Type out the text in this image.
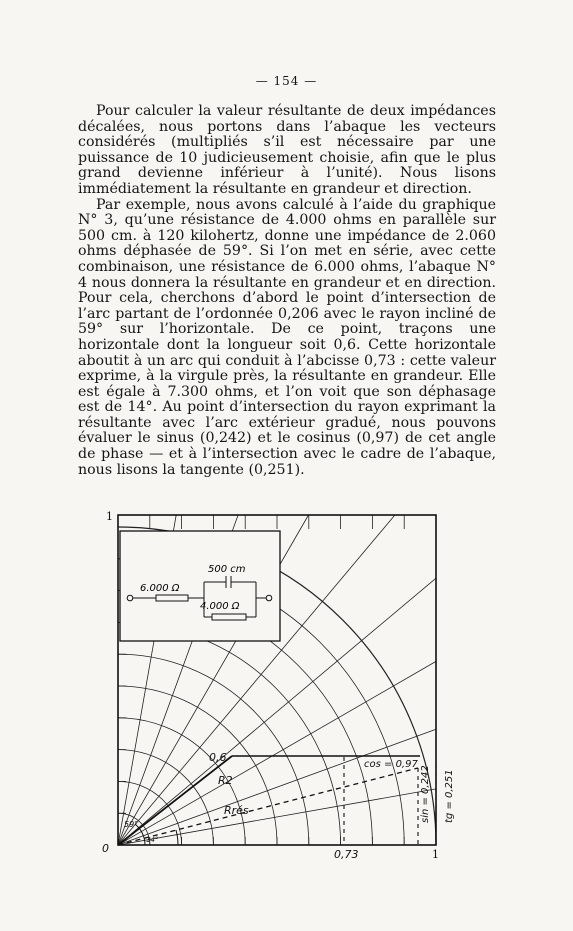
— 154 —

Pour calculer la valeur résultante de deux impédances décalées, nous portons dans l’abaque les vecteurs considérés (multipliés s’il est nécessaire par une puissance de 10 judicieusement choisie, afin que le plus grand devienne inférieur à l’unité). Nous lisons immédiatement la résultante en grandeur et direction.

Par exemple, nous avons calculé à l’aide du graphique N° 3, qu’une résistance de 4.000 ohms en parallèle sur 500 cm. à 120 kilohertz, donne une impédance de 2.060 ohms déphasée de 59°. Si l’on met en série, avec cette combinaison, une résistance de 6.000 ohms, l’abaque N° 4 nous donnera la résultante en grandeur et en direction. Pour cela, cherchons d’abord le point d’intersection de l’arc partant de l’ordonnée 0,206 avec le rayon incliné de 59° sur l’horizontale. De ce point, traçons une horizontale dont la longueur soit 0,6. Cette horizontale aboutit à un arc qui conduit à l’abcisse 0,73 : cette valeur exprime, à la virgule près, la résultante en grandeur. Elle est égale à 7.300 ohms, et l’on voit que son déphasage est de 14°. Au point d’intersection du rayon exprimant la résultante avec l’arc extérieur gradué, nous pouvons évaluer le sinus (0,242) et le cosinus (0,97) de cet angle de phase — et à l’intersection avec le cadre de l’abaque, nous lisons la tangente (0,251).

500 cm
6.000 Ω
4.000 Ω
1
0	1
0,73
0,6
R2
Rrés
59°
14°
cos = 0,97
sin = 0,242 tg = 0,251
